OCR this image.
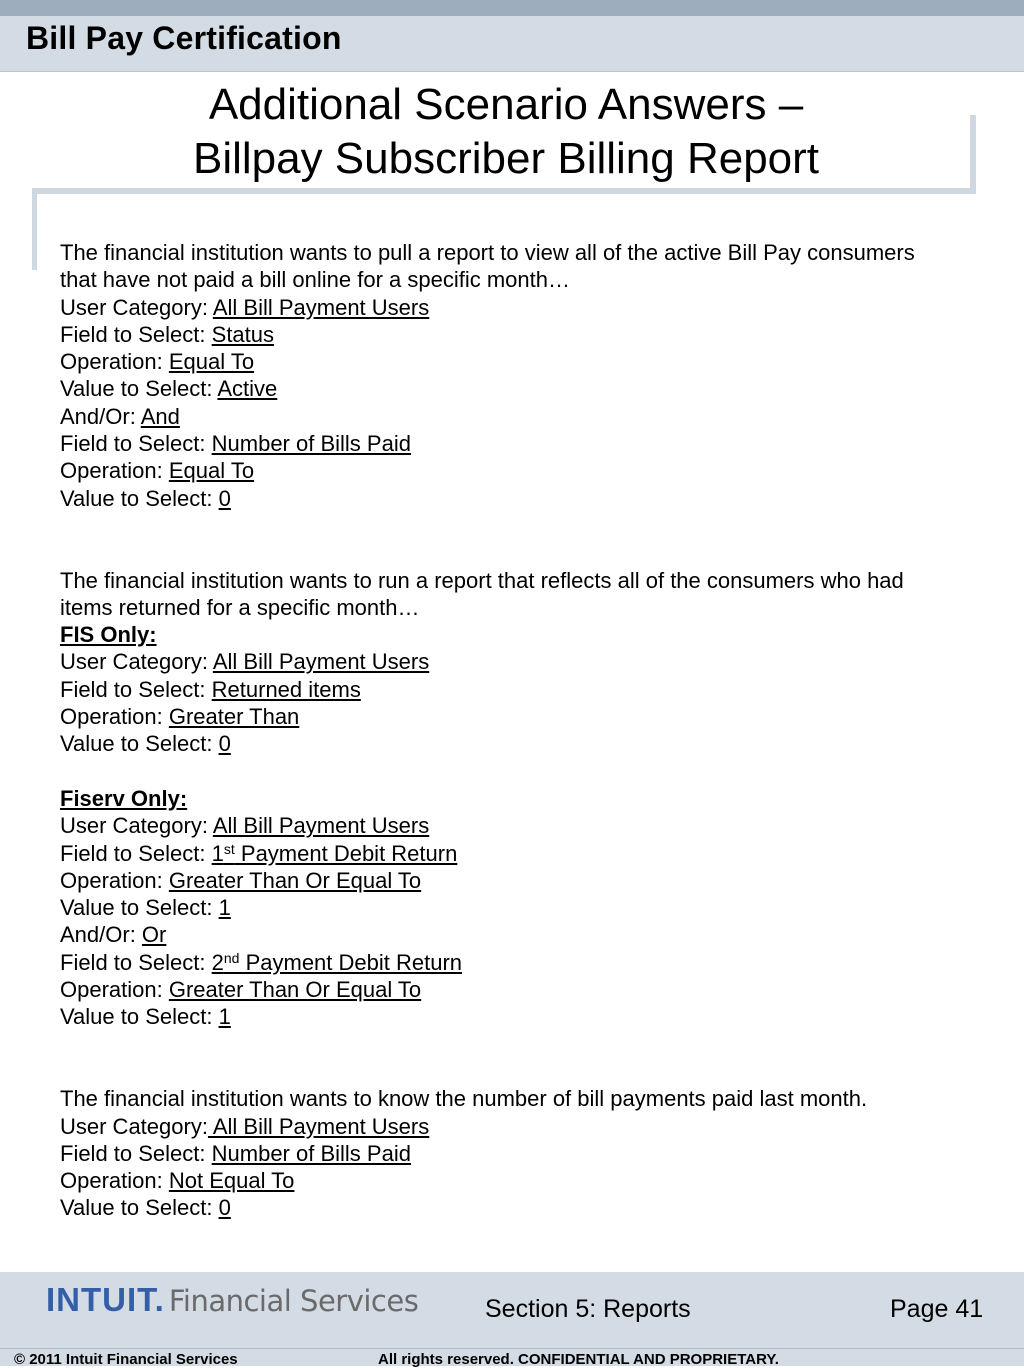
Bill Pay Certification
Additional Scenario Answers –
Billpay Subscriber Billing Report

The financial institution wants to pull a report to view all of the active Bill Pay consumers

that have not paid a bill online for a specific month…

User Category: All Bill Payment Users

Field to Select: Status

Operation: Equal To

Value to Select: Active

And/Or: And

Field to Select: Number of Bills Paid

Operation: Equal To

Value to Select: 0

The financial institution wants to run a report that reflects all of the consumers who had

items returned for a specific month…

FIS Only:

User Category: All Bill Payment Users

Field to Select: Returned items

Operation: Greater Than

Value to Select: 0

Fiserv Only:

User Category: All Bill Payment Users

Field to Select: 1st Payment Debit Return

Operation: Greater Than Or Equal To

Value to Select: 1

And/Or: Or

Field to Select: 2nd Payment Debit Return

Operation: Greater Than Or Equal To

Value to Select: 1

The financial institution wants to know the number of bill payments paid last month.

User Category: All Bill Payment Users

Field to Select: Number of Bills Paid

Operation: Not Equal To

Value to Select: 0

INTUIT. Financial Services	Section 5: Reports	Page 41
© 2011 Intuit Financial Services	All rights reserved. CONFIDENTIAL AND PROPRIETARY.
